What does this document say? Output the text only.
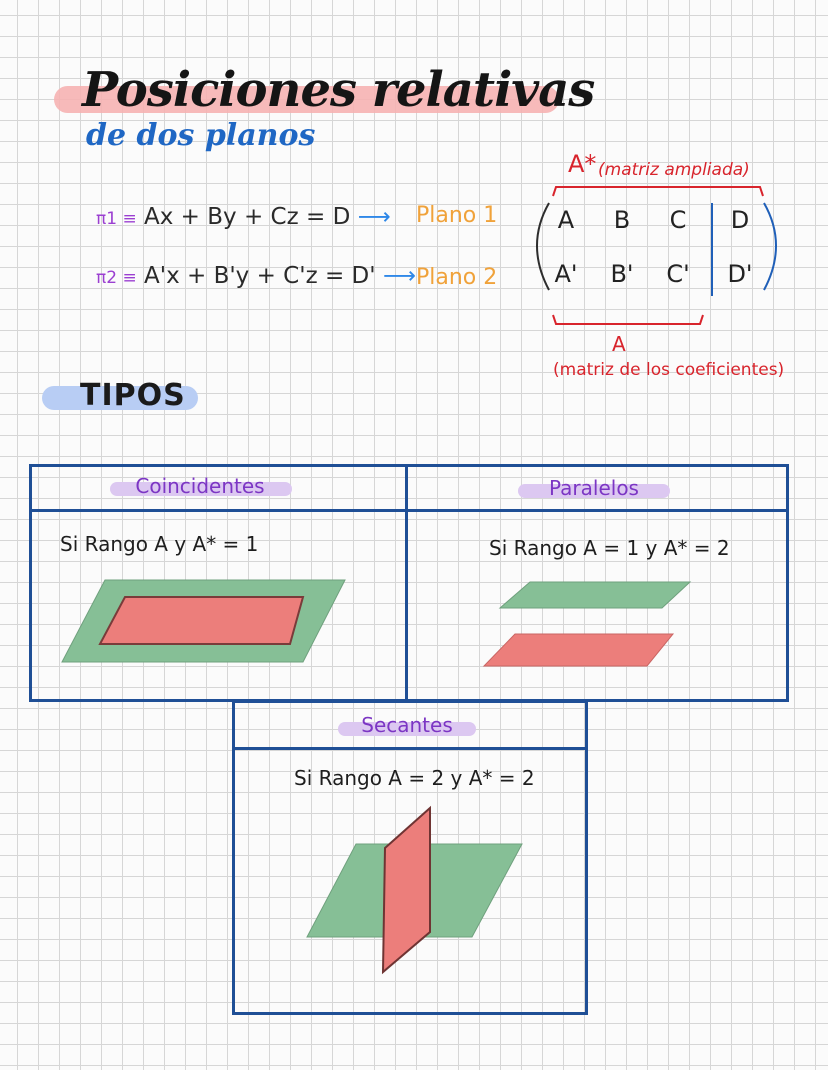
Posiciones relativas
de dos planos
π1 ≡ Ax + By + Cz = D ⟶ Plano 1
π2 ≡ A'x + B'y + C'z = D' ⟶ Plano 2
A* (matriz ampliada)
A B C D
A' B' C' D'
A
(matriz de los coeficientes)
TIPOS
Coincidentes
Si Rango A y A* = 1
Paralelos
Si Rango A = 1 y A* = 2
Secantes
Si Rango A = 2 y A* = 2
